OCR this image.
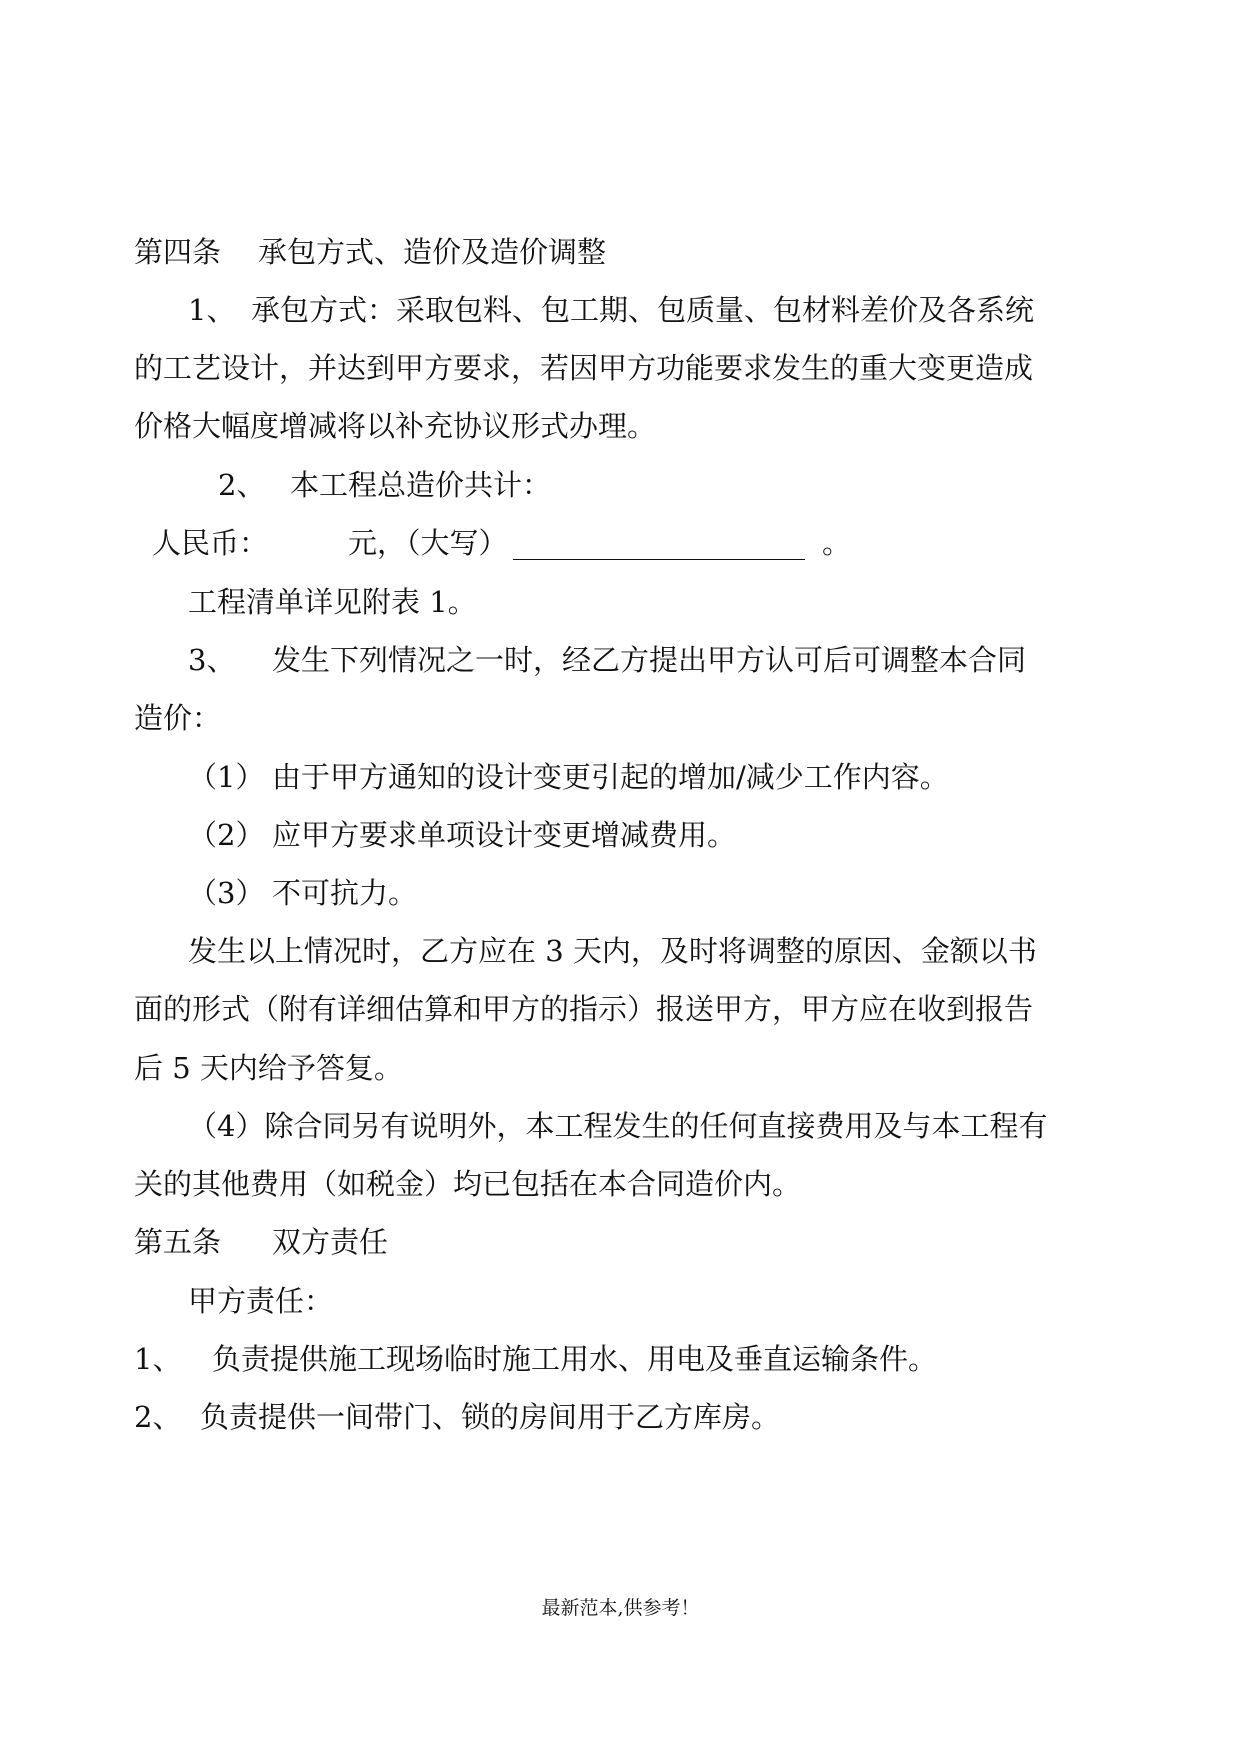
第四条 承包方式、造价及造价调整
1、 承包方式：采取包料、包工期、包质量、包材料差价及各系统
的工艺设计，并达到甲方要求，若因甲方功能要求发生的重大变更造成
价格大幅度增减将以补充协议形式办理。
2、 本工程总造价共计：
人民币：	元，（大写）	。
工程清单详见附表 1。
3、 发生下列情况之一时，经乙方提出甲方认可后可调整本合同
造价：
（1） 由于甲方通知的设计变更引起的增加/减少工作内容。
（2） 应甲方要求单项设计变更增减费用。
（3） 不可抗力。
发生以上情况时，乙方应在 3 天内，及时将调整的原因、金额以书
面的形式（附有详细估算和甲方的指示）报送甲方，甲方应在收到报告
后 5 天内给予答复。
（4）除合同另有说明外，本工程发生的任何直接费用及与本工程有
关的其他费用（如税金）均已包括在本合同造价内。
第五条 双方责任
甲方责任：
1、 负责提供施工现场临时施工用水、用电及垂直运输条件。
2、 负责提供一间带门、锁的房间用于乙方库房。
最新范本,供参考！
